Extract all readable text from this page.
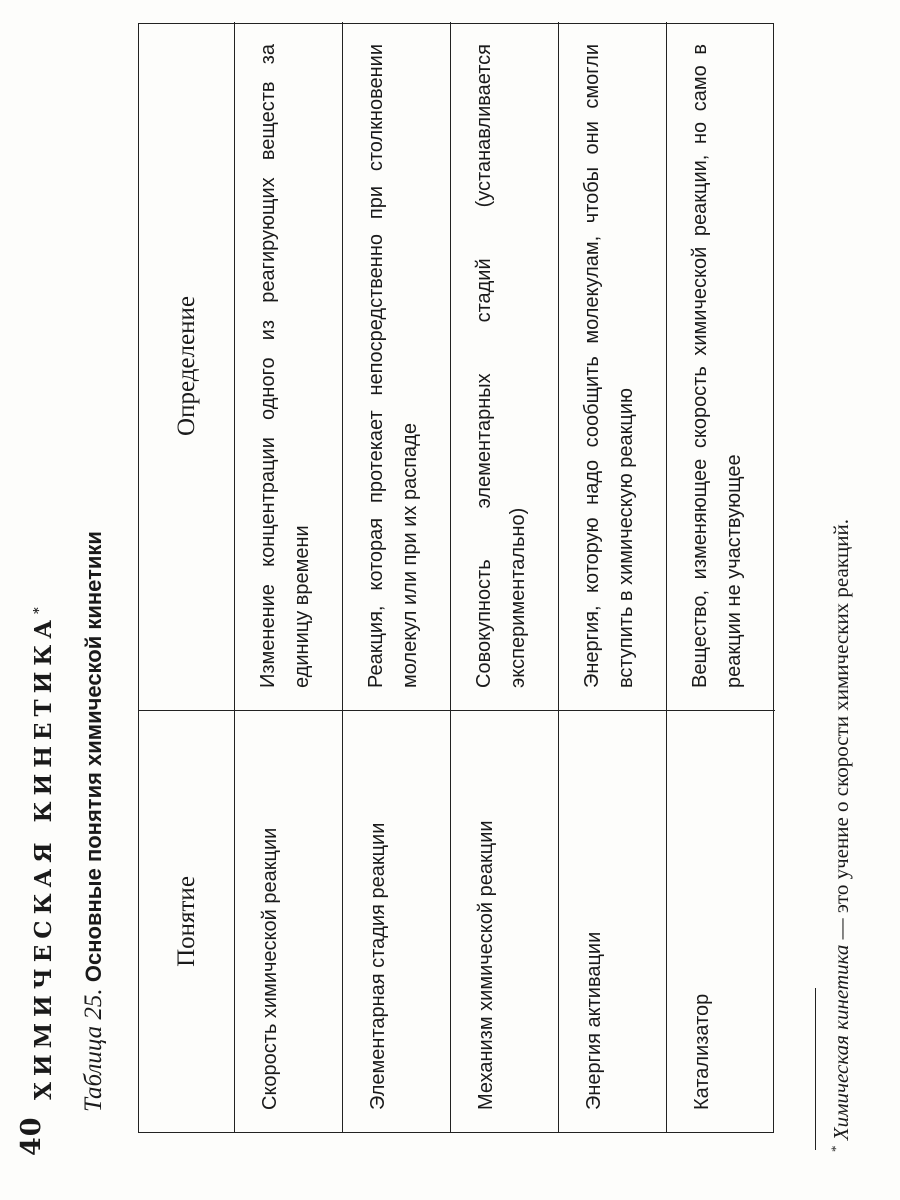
40
ХИМИЧЕСКАЯ КИНЕТИКА*
Таблица 25. Основные понятия химической кинетики	Понятие
Определение
Скорость химической реакции
Изменение концентрации одного из реагирующих веществ за единицу времени
Элементарная стадия реакции
Реакция, которая протекает непосредственно при столкновении молекул или при их распаде
Механизм химической реакции
Совокупность элементарных стадий (устанавливается экспериментально)
Энергия активации
Энергия, которую надо сообщить молекулам, чтобы они смогли вступить в химическую реакцию
Катализатор
Вещество, изменяющее скорость химической реакции, но само в реакции не участвующее
* Химическая кинетика — это учение о скорости химических реакций.
